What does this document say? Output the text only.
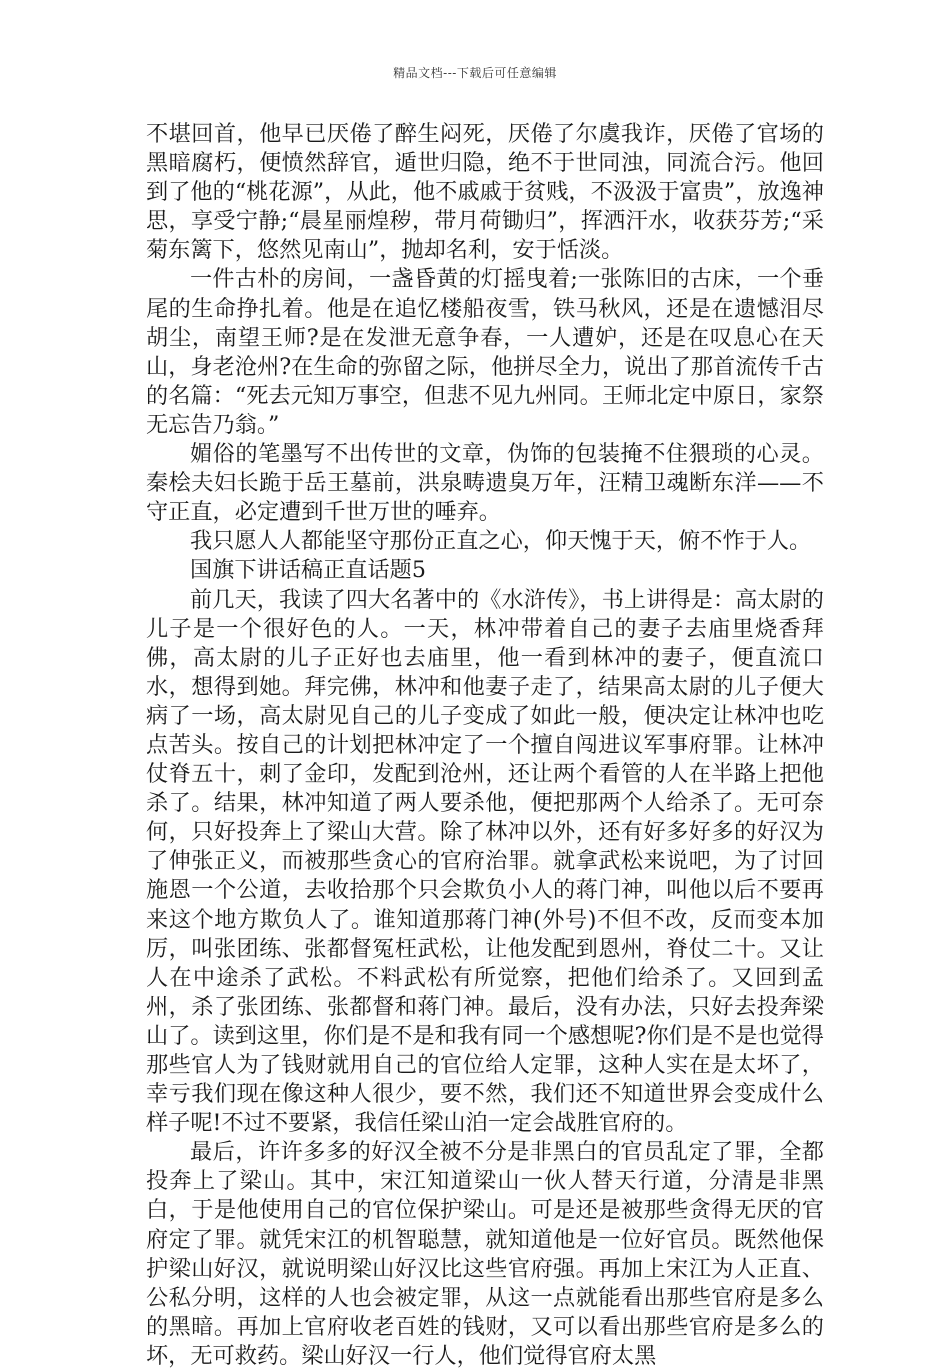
精品文档---下载后可任意编辑

不堪回首，他早已厌倦了醉生闷死，厌倦了尔虞我诈，厌倦了官场的黑暗腐朽，便愤然辞官，遁世归隐，绝不于世同浊，同流合污。他回到了他的“桃花源”，从此，他不戚戚于贫贱，不汲汲于富贵”，放逸神思，享受宁静;“晨星丽煌秽，带月荷锄归”，挥洒汗水，收获芬芳;“采菊东篱下，悠然见南山”，抛却名利，安于恬淡。

一件古朴的房间，一盏昏黄的灯摇曳着;一张陈旧的古床，一个垂尾的生命挣扎着。他是在追忆楼船夜雪，铁马秋风，还是在遗憾泪尽胡尘，南望王师?是在发泄无意争春，一人遭妒，还是在叹息心在天山，身老沧州?在生命的弥留之际，他拼尽全力，说出了那首流传千古的名篇：“死去元知万事空，但悲不见九州同。王师北定中原日，家祭无忘告乃翁。”

媚俗的笔墨写不出传世的文章，伪饰的包装掩不住猥琐的心灵。秦桧夫妇长跪于岳王墓前，洪泉畴遗臭万年，汪精卫魂断东洋——不守正直，必定遭到千世万世的唾弃。

我只愿人人都能坚守那份正直之心，仰天愧于天，俯不怍于人。

国旗下讲话稿正直话题5

前几天，我读了四大名著中的《水浒传》，书上讲得是：高太尉的儿子是一个很好色的人。一天，林冲带着自己的妻子去庙里烧香拜佛，高太尉的儿子正好也去庙里，他一看到林冲的妻子，便直流口水，想得到她。拜完佛，林冲和他妻子走了，结果高太尉的儿子便大病了一场，高太尉见自己的儿子变成了如此一般，便决定让林冲也吃点苦头。按自己的计划把林冲定了一个擅自闯进议军事府罪。让林冲仗脊五十，刺了金印，发配到沧州，还让两个看管的人在半路上把他杀了。结果，林冲知道了两人要杀他，便把那两个人给杀了。无可奈何，只好投奔上了梁山大营。除了林冲以外，还有好多好多的好汉为了伸张正义，而被那些贪心的官府治罪。就拿武松来说吧，为了讨回施恩一个公道，去收拾那个只会欺负小人的蒋门神，叫他以后不要再来这个地方欺负人了。谁知道那蒋门神(外号)不但不改，反而变本加厉，叫张团练、张都督冤枉武松，让他发配到恩州，脊仗二十。又让人在中途杀了武松。不料武松有所觉察，把他们给杀了。又回到孟州，杀了张团练、张都督和蒋门神。最后，没有办法，只好去投奔梁山了。读到这里，你们是不是和我有同一个感想呢?你们是不是也觉得那些官人为了钱财就用自己的官位给人定罪，这种人实在是太坏了，幸亏我们现在像这种人很少，要不然，我们还不知道世界会变成什么样子呢!不过不要紧，我信任梁山泊一定会战胜官府的。

最后，许许多多的好汉全被不分是非黑白的官员乱定了罪，全都投奔上了梁山。其中，宋江知道梁山一伙人替天行道，分清是非黑白，于是他使用自己的官位保护梁山。可是还是被那些贪得无厌的官府定了罪。就凭宋江的机智聪慧，就知道他是一位好官员。既然他保护梁山好汉，就说明梁山好汉比这些官府强。再加上宋江为人正直、公私分明，这样的人也会被定罪，从这一点就能看出那些官府是多么的黑暗。再加上官府收老百姓的钱财，又可以看出那些官府是多么的坏，无可救药。梁山好汉一行人，他们觉得官府太黑
